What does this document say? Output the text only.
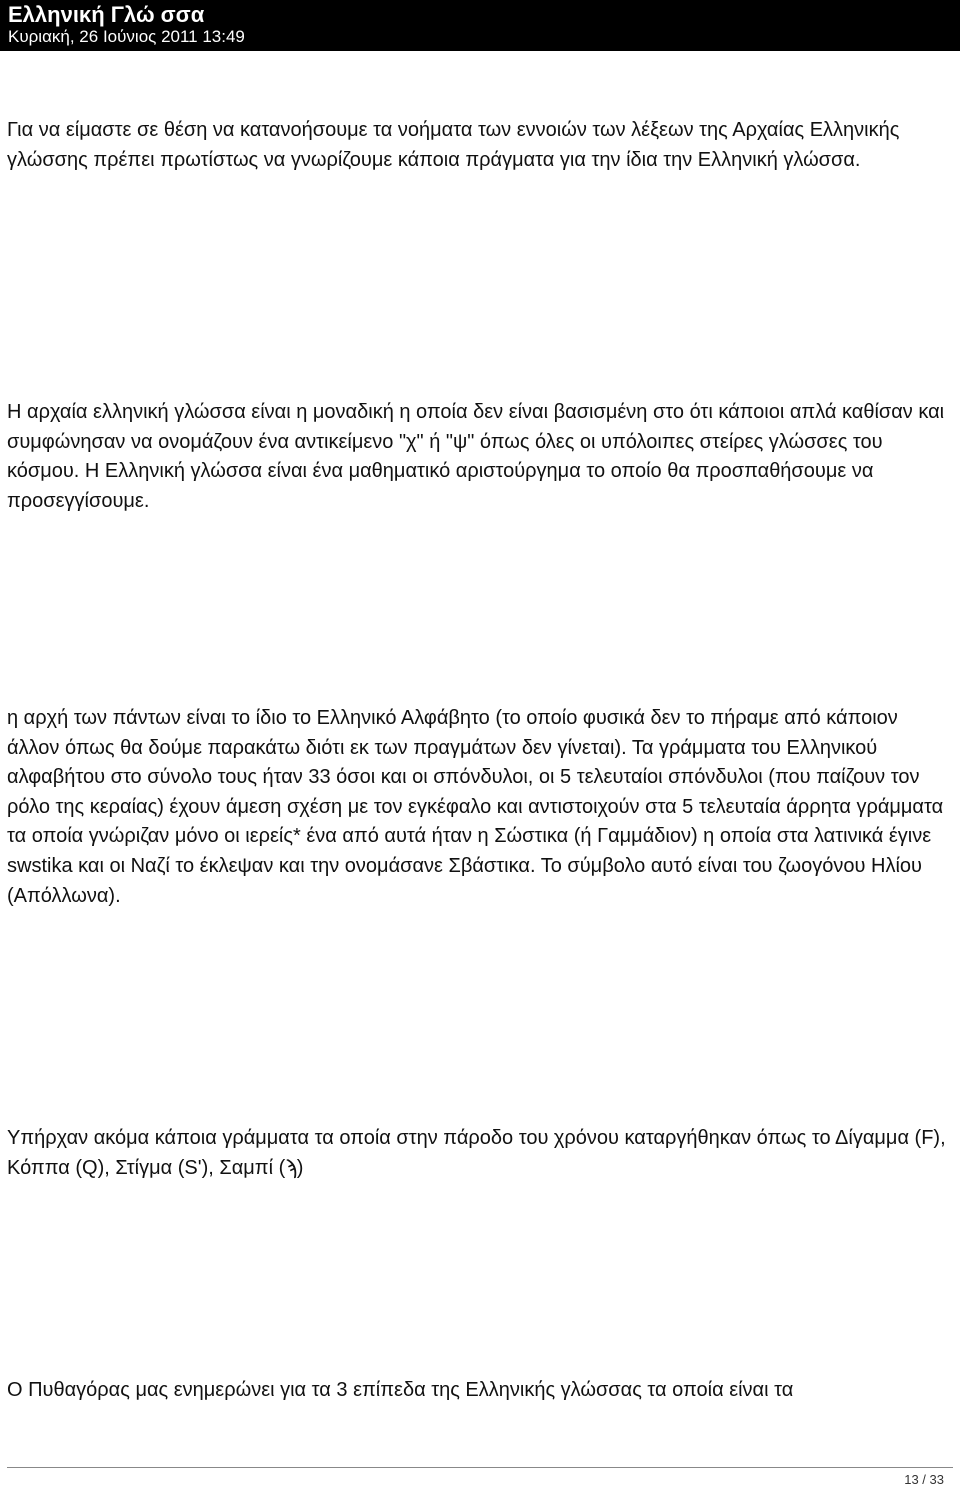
Ελληνική Γλώ σσα
Κυριακή, 26 Ιούνιος 2011 13:49

Για να είμαστε σε θέση να κατανοήσουμε τα νοήματα των εννοιών των λέξεων της Αρχαίας Ελληνικής γλώσσης πρέπει πρωτίστως να γνωρίζουμε κάποια πράγματα για την ίδια την Ελληνική γλώσσα.

Η αρχαία ελληνική γλώσσα είναι η μοναδική η οποία δεν είναι βασισμένη στο ότι κάποιοι απλά καθίσαν και συμφώνησαν να ονομάζουν ένα αντικείμενο "χ" ή "ψ" όπως όλες οι υπόλοιπες στείρες γλώσσες του κόσμου. Η Ελληνική γλώσσα είναι ένα μαθηματικό αριστούργημα το οποίο θα προσπαθήσουμε να προσεγγίσουμε.

η αρχή των πάντων είναι το ίδιο το Ελληνικό Αλφάβητο (το οποίο φυσικά δεν το πήραμε από κάποιον άλλον όπως θα δούμε παρακάτω διότι εκ των πραγμάτων δεν γίνεται). Τα γράμματα του Ελληνικού αλφαβήτου στο σύνολο τους ήταν 33 όσοι και οι σπόνδυλοι, οι 5 τελευταίοι σπόνδυλοι (που παίζουν τον ρόλο της κεραίας) έχουν άμεση σχέση με τον εγκέφαλο και αντιστοιχούν στα 5 τελευταία άρρητα γράμματα τα οποία γνώριζαν μόνο οι ιερείς* ένα από αυτά ήταν η Σώστικα (ή Γαμμάδιον) η οποία στα λατινικά έγινε swstika και οι Ναζί το έκλεψαν και την ονομάσανε Σβάστικα. Το σύμβολο αυτό είναι του ζωογόνου Ηλίου (Απόλλωνα).

Υπήρχαν ακόμα κάποια γράμματα τα οποία στην πάροδο του χρόνου καταργήθηκαν όπως το Δίγαμμα (F), Κόππα (Q), Στίγμα (S'), Σαμπί (ϡ)

Ο Πυθαγόρας μας ενημερώνει για τα 3 επίπεδα της Ελληνικής γλώσσας τα οποία είναι τα

13 / 33
